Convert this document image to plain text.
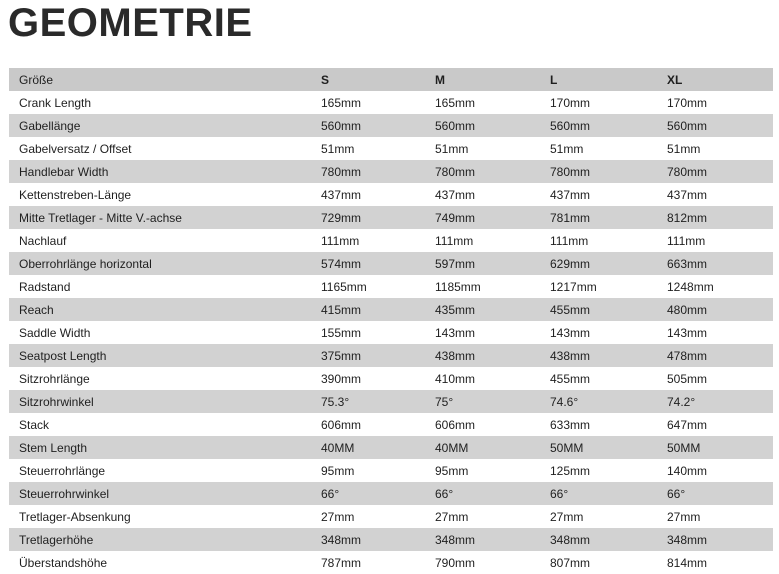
GEOMETRIE
Größe	S	M	L	XL
Crank Length	165mm	165mm	170mm	170mm
Gabellänge	560mm	560mm	560mm	560mm
Gabelversatz / Offset	51mm	51mm	51mm	51mm
Handlebar Width	780mm	780mm	780mm	780mm
Kettenstreben-Länge	437mm	437mm	437mm	437mm
Mitte Tretlager - Mitte V.-achse	729mm	749mm	781mm	812mm
Nachlauf	111mm	111mm	111mm	111mm
Oberrohrlänge horizontal	574mm	597mm	629mm	663mm
Radstand	1165mm	1185mm	1217mm	1248mm
Reach	415mm	435mm	455mm	480mm
Saddle Width	155mm	143mm	143mm	143mm
Seatpost Length	375mm	438mm	438mm	478mm
Sitzrohrlänge	390mm	410mm	455mm	505mm
Sitzrohrwinkel	75.3°	75°	74.6°	74.2°
Stack	606mm	606mm	633mm	647mm
Stem Length	40MM	40MM	50MM	50MM
Steuerrohrlänge	95mm	95mm	125mm	140mm
Steuerrohrwinkel	66°	66°	66°	66°
Tretlager-Absenkung	27mm	27mm	27mm	27mm
Tretlagerhöhe	348mm	348mm	348mm	348mm
Überstandshöhe	787mm	790mm	807mm	814mm
